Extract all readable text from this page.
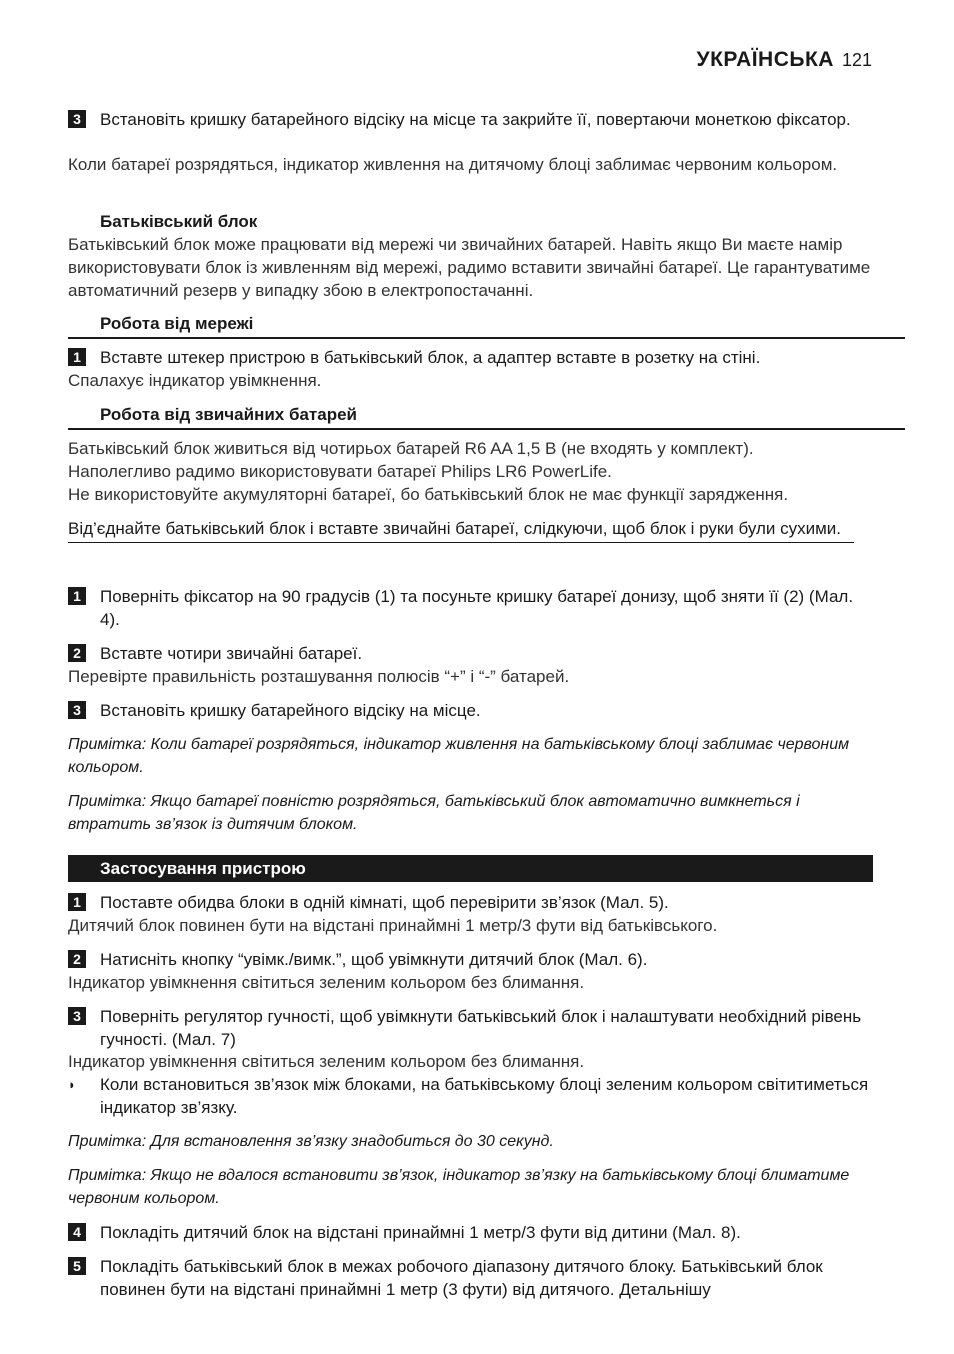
УКРАЇНСЬКА 121
3	Встановіть кришку батарейного відсіку на місце та закрийте її, повертаючи монеткою фіксатор.
Коли батареї розрядяться, індикатор живлення на дитячому блоці заблимає червоним кольором.
Батьківський блок
Батьківський блок може працювати від мережі чи звичайних батарей. Навіть якщо Ви маєте намір використовувати блок із живленням від мережі, радимо вставити звичайні батареї. Це гарантуватиме автоматичний резерв у випадку збою в електропостачанні.
Робота від мережі
1	Вставте штекер пристрою в батьківський блок, а адаптер вставте в розетку на стіні.
Спалахує індикатор увімкнення.
Робота від звичайних батарей
Батьківський блок живиться від чотирьох батарей R6 AA 1,5 В (не входять у комплект).
Наполегливо радимо використовувати батареї Philips LR6 PowerLife.
Не використовуйте акумуляторні батареї, бо батьківський блок не має функції зарядження.
Від’єднайте батьківський блок і вставте звичайні батареї, слідкуючи, щоб блок і руки були сухими.
1	Поверніть фіксатор на 90 градусів (1) та посуньте кришку батареї донизу, щоб зняти її (2) (Мал. 4).
2	Вставте чотири звичайні батареї.
Перевірте правильність розташування полюсів “+” і “-” батарей.
3	Встановіть кришку батарейного відсіку на місце.
Примітка: Коли батареї розрядяться, індикатор живлення на батьківському блоці заблимає червоним кольором.
Примітка: Якщо батареї повністю розрядяться, батьківський блок автоматично вимкнеться і втратить зв’язок із дитячим блоком.
Застосування пристрою
1	Поставте обидва блоки в одній кімнаті, щоб перевірити зв’язок (Мал. 5).
Дитячий блок повинен бути на відстані принаймні 1 метр/3 фути від батьківського.
2	Натисніть кнопку “увімк./вимк.”, щоб увімкнути дитячий блок (Мал. 6).
Індикатор увімкнення світиться зеленим кольором без блимання.
3	Поверніть регулятор гучності, щоб увімкнути батьківський блок і налаштувати необхідний рівень гучності. (Мал. 7)
Індикатор увімкнення світиться зеленим кольором без блимання.
◗	Коли встановиться зв’язок між блоками, на батьківському блоці зеленим кольором світитиметься індикатор зв’язку.
Примітка: Для встановлення зв’язку знадобиться до 30 секунд.
Примітка: Якщо не вдалося встановити зв’язок, індикатор зв’язку на батьківському блоці блиматиме червоним кольором.
4	Покладіть дитячий блок на відстані принаймні 1 метр/3 фути від дитини (Мал. 8).
5	Покладіть батьківський блок в межах робочого діапазону дитячого блоку. Батьківський блок повинен бути на відстані принаймні 1 метр (3 фути) від дитячого. Детальнішу
